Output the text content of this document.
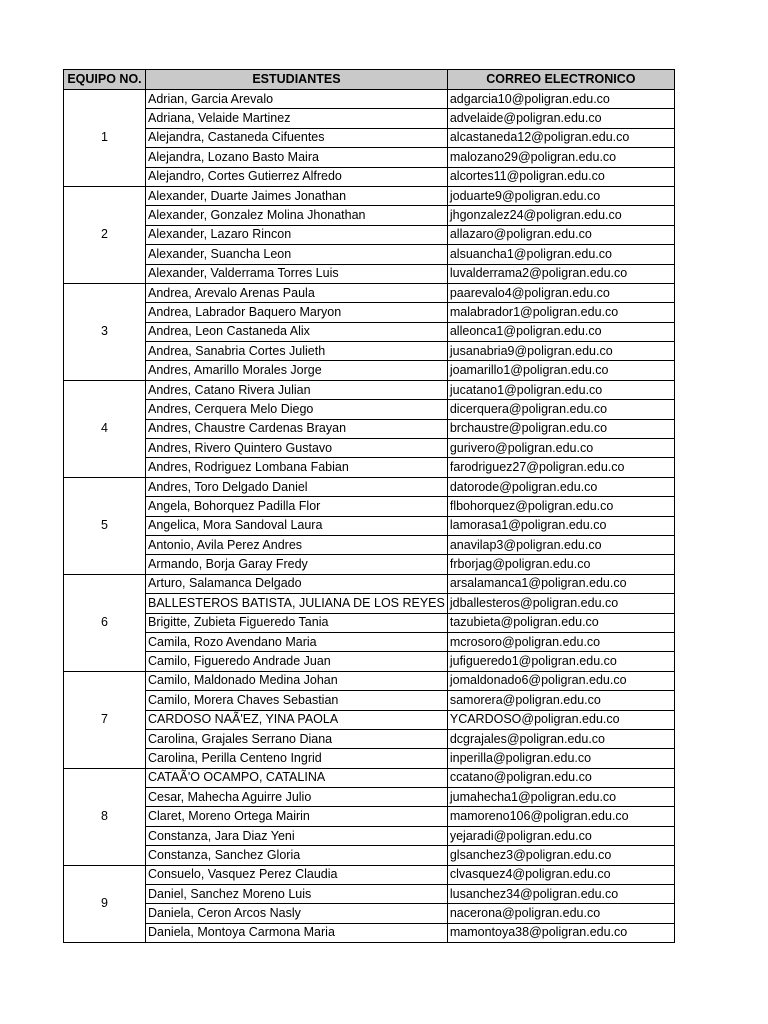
EQUIPO NO.	ESTUDIANTES	CORREO ELECTRONICO
1	Adrian, Garcia Arevalo	adgarcia10@poligran.edu.co
	Adriana, Velaide Martinez	advelaide@poligran.edu.co
	Alejandra, Castaneda Cifuentes	alcastaneda12@poligran.edu.co
	Alejandra, Lozano Basto Maira	malozano29@poligran.edu.co
	Alejandro, Cortes Gutierrez Alfredo	alcortes11@poligran.edu.co
2	Alexander, Duarte Jaimes Jonathan	joduarte9@poligran.edu.co
	Alexander, Gonzalez Molina Jhonathan	jhgonzalez24@poligran.edu.co
	Alexander, Lazaro Rincon	allazaro@poligran.edu.co
	Alexander, Suancha Leon	alsuancha1@poligran.edu.co
	Alexander, Valderrama Torres Luis	luvalderrama2@poligran.edu.co
3	Andrea, Arevalo Arenas Paula	paarevalo4@poligran.edu.co
	Andrea, Labrador Baquero Maryon	malabrador1@poligran.edu.co
	Andrea, Leon Castaneda Alix	alleonca1@poligran.edu.co
	Andrea, Sanabria Cortes Julieth	jusanabria9@poligran.edu.co
	Andres, Amarillo Morales Jorge	joamarillo1@poligran.edu.co
4	Andres, Catano Rivera Julian	jucatano1@poligran.edu.co
	Andres, Cerquera Melo Diego	dicerquera@poligran.edu.co
	Andres, Chaustre Cardenas Brayan	brchaustre@poligran.edu.co
	Andres, Rivero Quintero Gustavo	gurivero@poligran.edu.co
	Andres, Rodriguez Lombana Fabian	farodriguez27@poligran.edu.co
5	Andres, Toro Delgado Daniel	datorode@poligran.edu.co
	Angela, Bohorquez Padilla Flor	flbohorquez@poligran.edu.co
	Angelica, Mora Sandoval Laura	lamorasa1@poligran.edu.co
	Antonio, Avila Perez Andres	anavilap3@poligran.edu.co
	Armando, Borja Garay Fredy	frborjag@poligran.edu.co
6	Arturo, Salamanca Delgado	arsalamanca1@poligran.edu.co
	BALLESTEROS BATISTA, JULIANA DE LOS REYES	jdballesteros@poligran.edu.co
	Brigitte, Zubieta Figueredo Tania	tazubieta@poligran.edu.co
	Camila, Rozo Avendano Maria	mcrosoro@poligran.edu.co
	Camilo, Figueredo Andrade Juan	jufigueredo1@poligran.edu.co
7	Camilo, Maldonado Medina Johan	jomaldonado6@poligran.edu.co
	Camilo, Morera Chaves Sebastian	samorera@poligran.edu.co
	CARDOSO NAÃ'EZ, YINA PAOLA	YCARDOSO@poligran.edu.co
	Carolina, Grajales Serrano Diana	dcgrajales@poligran.edu.co
	Carolina, Perilla Centeno Ingrid	inperilla@poligran.edu.co
8	CATAÃ'O OCAMPO, CATALINA	ccatano@poligran.edu.co
	Cesar, Mahecha Aguirre Julio	jumahecha1@poligran.edu.co
	Claret, Moreno Ortega Mairin	mamoreno106@poligran.edu.co
	Constanza, Jara Diaz Yeni	yejaradi@poligran.edu.co
	Constanza, Sanchez Gloria	glsanchez3@poligran.edu.co
9	Consuelo, Vasquez Perez Claudia	clvasquez4@poligran.edu.co
	Daniel, Sanchez Moreno Luis	lusanchez34@poligran.edu.co
	Daniela, Ceron Arcos Nasly	nacerona@poligran.edu.co
	Daniela, Montoya Carmona Maria	mamontoya38@poligran.edu.co
